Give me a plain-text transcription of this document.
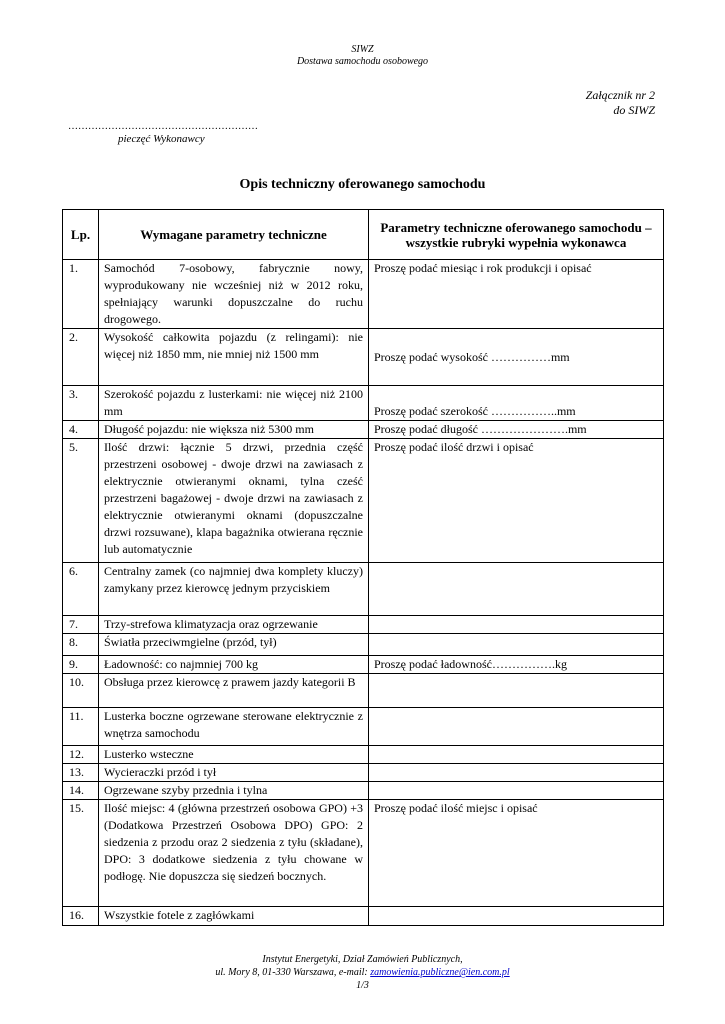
SIWZ
Dostawa samochodu osobowego
Załącznik nr 2
do SIWZ
…………………………………………………
pieczęć Wykonawcy
Opis techniczny oferowanego samochodu
Lp.	Wymagane parametry techniczne	Parametry techniczne oferowanego samochodu – wszystkie rubryki wypełnia wykonawca
1.	Samochód 7-osobowy, fabrycznie nowy, wyprodukowany nie wcześniej niż w 2012 roku, spełniający warunki dopuszczalne do ruchu drogowego.	Proszę podać miesiąc i rok produkcji i opisać
2.	Wysokość całkowita pojazdu (z relingami): nie więcej niż 1850 mm, nie mniej niż 1500 mm	Proszę podać wysokość ……………mm
3.	Szerokość pojazdu z lusterkami: nie więcej niż 2100 mm	Proszę podać szerokość ……………..mm
4.	Długość pojazdu: nie większa niż 5300 mm	Proszę podać długość ………………….mm
5.	Ilość drzwi: łącznie 5 drzwi, przednia część przestrzeni osobowej - dwoje drzwi na zawiasach z elektrycznie otwieranymi oknami, tylna cześć przestrzeni bagażowej - dwoje drzwi na zawiasach z elektrycznie otwieranymi oknami (dopuszczalne drzwi rozsuwane), klapa bagażnika otwierana ręcznie lub automatycznie	Proszę podać ilość drzwi i opisać
6.	Centralny zamek (co najmniej dwa komplety kluczy) zamykany przez kierowcę jednym przyciskiem	
7.	Trzy-strefowa klimatyzacja oraz ogrzewanie	
8.	Światła przeciwmgielne (przód, tył)	
9.	Ładowność: co najmniej 700 kg	Proszę podać ładowność…………….kg
10.	Obsługa przez kierowcę z prawem jazdy kategorii B	
11.	Lusterka boczne ogrzewane sterowane elektrycznie z wnętrza samochodu	
12.	Lusterko wsteczne	
13.	Wycieraczki przód i tył	
14.	Ogrzewane szyby przednia i tylna	
15.	Ilość miejsc: 4 (główna przestrzeń osobowa GPO) +3 (Dodatkowa Przestrzeń Osobowa DPO) GPO: 2 siedzenia z przodu oraz 2 siedzenia z tyłu (składane), DPO: 3 dodatkowe siedzenia z tyłu chowane w podłogę. Nie dopuszcza się siedzeń bocznych.	Proszę podać ilość miejsc i opisać
16.	Wszystkie fotele z zagłówkami	
Instytut Energetyki, Dział Zamówień Publicznych,
ul. Mory 8, 01-330 Warszawa, e-mail: zamowienia.publiczne@ien.com.pl
1/3
